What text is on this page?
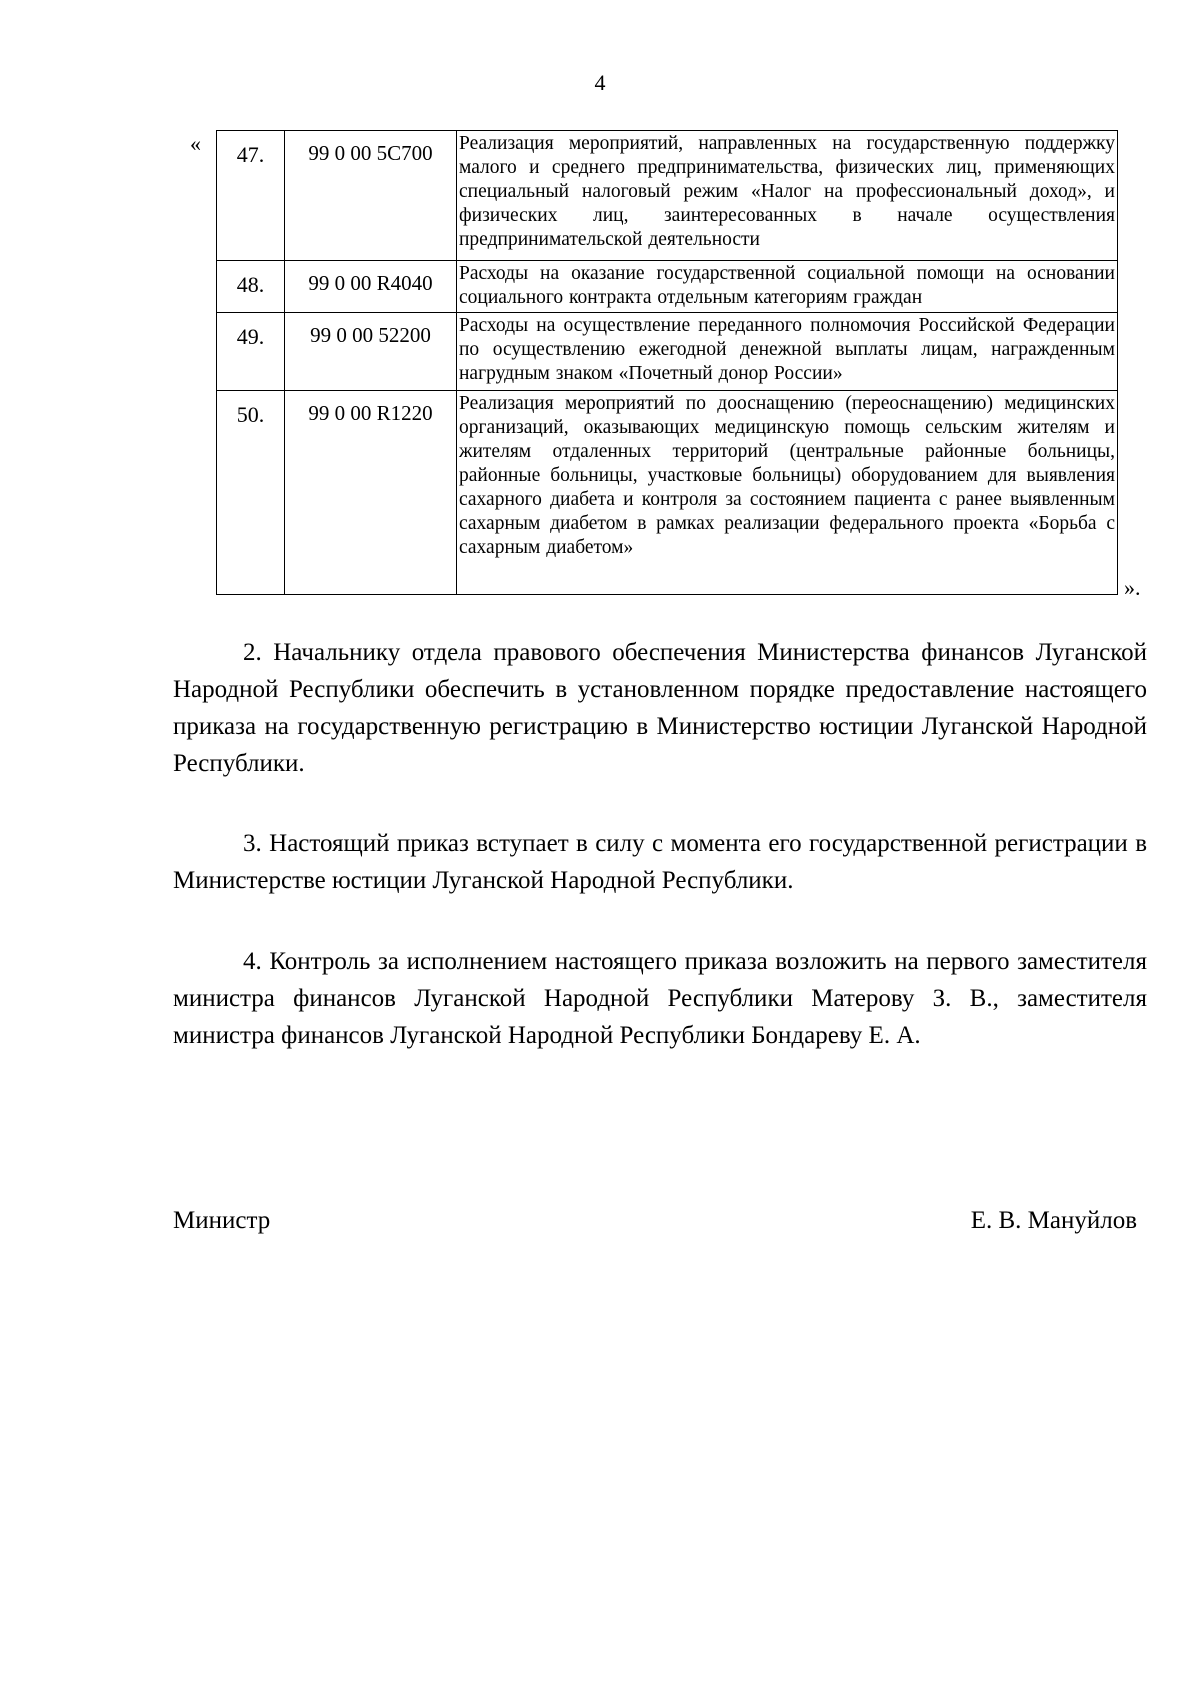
4
« 47.	99 0 00 5С700	Реализация мероприятий, направленных на государственную поддержку малого и среднего предпринимательства, физических лиц, применяющих специальный налоговый режим «Налог на профессиональный доход», и физических лиц, заинтересованных в начале осуществления предпринимательской деятельности
48.	99 0 00 R4040	Расходы на оказание государственной социальной помощи на основании социального контракта отдельным категориям граждан
49.	99 0 00 52200	Расходы на осуществление переданного полномочия Российской Федерации по осуществлению ежегодной денежной выплаты лицам, награжденным нагрудным знаком «Почетный донор России»
50.	99 0 00 R1220	Реализация мероприятий по дооснащению (переоснащению) медицинских организаций, оказывающих медицинскую помощь сельским жителям и жителям отдаленных территорий (центральные районные больницы, районные больницы, участковые больницы) оборудованием для выявления сахарного диабета и контроля за состоянием пациента с ранее выявленным сахарным диабетом в рамках реализации федерального проекта «Борьба с сахарным диабетом»
».

2. Начальнику отдела правового обеспечения Министерства финансов Луганской Народной Республики обеспечить в установленном порядке предоставление настоящего приказа на государственную регистрацию в Министерство юстиции Луганской Народной Республики.

3. Настоящий приказ вступает в силу с момента его государственной регистрации в Министерстве юстиции Луганской Народной Республики.

4. Контроль за исполнением настоящего приказа возложить на первого заместителя министра финансов Луганской Народной Республики Матерову З. В., заместителя министра финансов Луганской Народной Республики Бондареву Е. А.

Министр	Е. В. Мануйлов
